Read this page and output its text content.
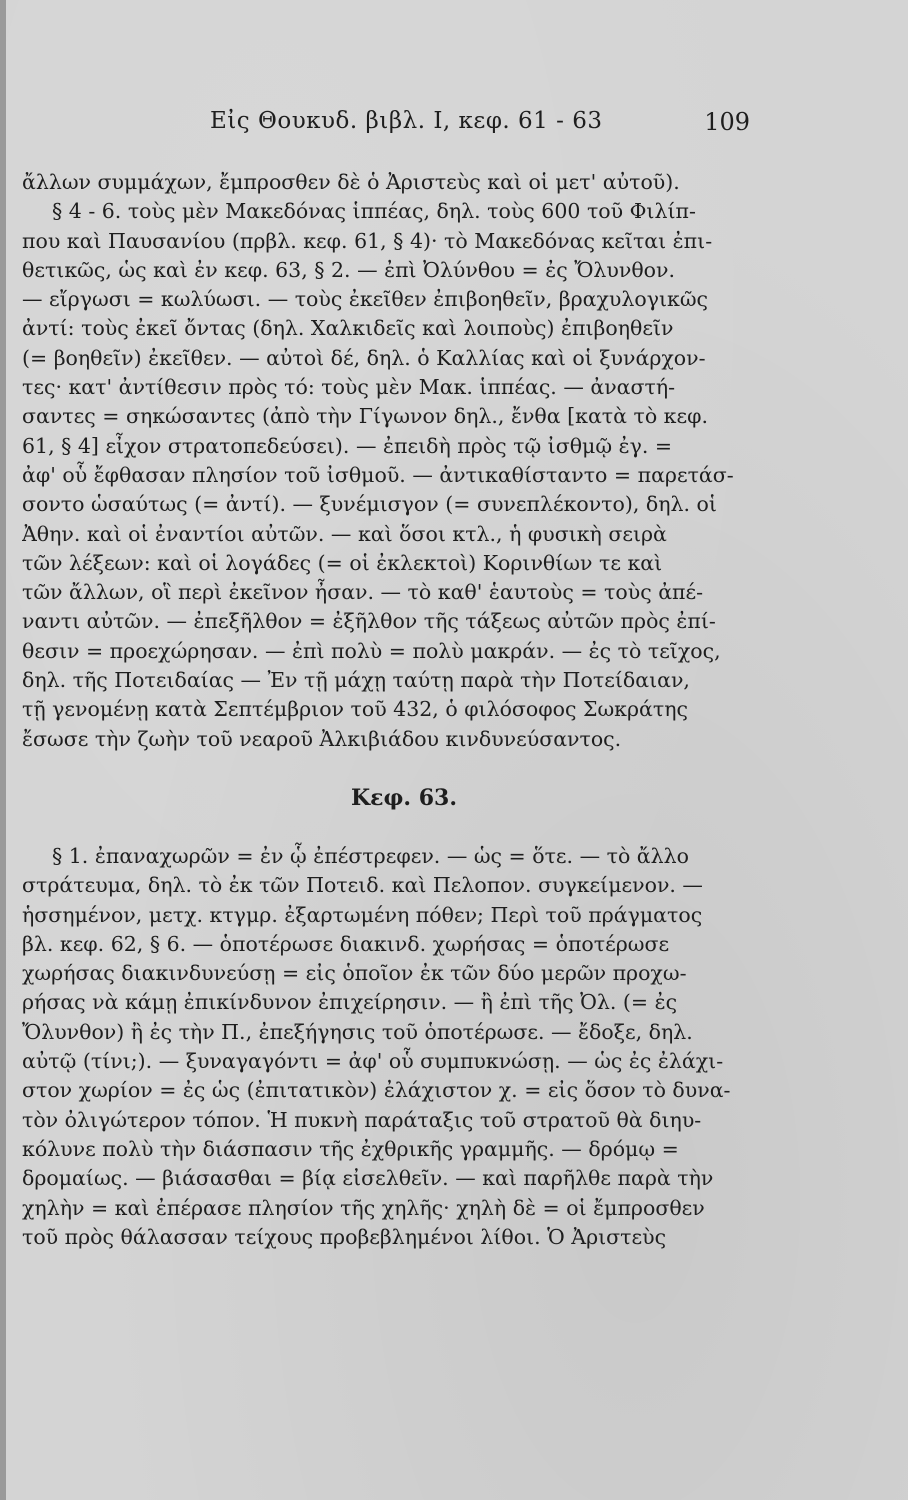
Εἰς Θουκυδ. βιβλ. Ι, κεφ. 61 - 63	109
ἄλλων συμμάχων, ἔμπροσθεν δὲ ὁ Ἀριστεὺς καὶ οἱ μετ' αὐτοῦ).
§ 4 - 6. τοὺς μὲν Μακεδόνας ἱππέας, δηλ. τοὺς 600 τοῦ Φιλίπ-
που καὶ Παυσανίου (πρβλ. κεφ. 61, § 4)· τὸ Μακεδόνας κεῖται ἐπι-
θετικῶς, ὡς καὶ ἐν κεφ. 63, § 2. — ἐπὶ Ὀλύνθου = ἐς Ὄλυνθον.
— εἴργωσι = κωλύωσι. — τοὺς ἐκεῖθεν ἐπιβοηθεῖν, βραχυλογικῶς
ἀντί: τοὺς ἐκεῖ ὄντας (δηλ. Χαλκιδεῖς καὶ λοιποὺς) ἐπιβοηθεῖν
(= βοηθεῖν) ἐκεῖθεν. — αὐτοὶ δέ, δηλ. ὁ Καλλίας καὶ οἱ ξυνάρχον-
τες· κατ' ἀντίθεσιν πρὸς τό: τοὺς μὲν Μακ. ἱππέας. — ἀναστή-
σαντες = σηκώσαντες (ἀπὸ τὴν Γίγωνον δηλ., ἔνθα [κατὰ τὸ κεφ.
61, § 4] εἶχον στρατοπεδεύσει). — ἐπειδὴ πρὸς τῷ ἰσθμῷ ἐγ. =
ἀφ' οὗ ἔφθασαν πλησίον τοῦ ἰσθμοῦ. — ἀντικαθίσταντο = παρετάσ-
σοντο ὡσαύτως (= ἀντί). — ξυνέμισγον (= συνεπλέκοντο), δηλ. οἱ
Ἀθην. καὶ οἱ ἐναντίοι αὐτῶν. — καὶ ὅσοι κτλ., ἡ φυσικὴ σειρὰ
τῶν λέξεων: καὶ οἱ λογάδες (= οἱ ἐκλεκτοὶ) Κορινθίων τε καὶ
τῶν ἄλλων, οἳ περὶ ἐκεῖνον ἦσαν. — τὸ καθ' ἑαυτοὺς = τοὺς ἀπέ-
ναντι αὐτῶν. — ἐπεξῆλθον = ἐξῆλθον τῆς τάξεως αὐτῶν πρὸς ἐπί-
θεσιν = προεχώρησαν. — ἐπὶ πολὺ = πολὺ μακράν. — ἐς τὸ τεῖχος,
δηλ. τῆς Ποτειδαίας — Ἐν τῇ μάχῃ ταύτῃ παρὰ τὴν Ποτείδαιαν,
τῇ γενομένῃ κατὰ Σεπτέμβριον τοῦ 432, ὁ φιλόσοφος Σωκράτης
ἔσωσε τὴν ζωὴν τοῦ νεαροῦ Ἀλκιβιάδου κινδυνεύσαντος.
Κεφ. 63.
§ 1. ἐπαναχωρῶν = ἐν ᾧ ἐπέστρεφεν. — ὡς = ὅτε. — τὸ ἄλλο
στράτευμα, δηλ. τὸ ἐκ τῶν Ποτειδ. καὶ Πελοπον. συγκείμενον. —
ἡσσημένον, μετχ. κτγμρ. ἐξαρτωμένη πόθεν; Περὶ τοῦ πράγματος
βλ. κεφ. 62, § 6. — ὁποτέρωσε διακινδ. χωρήσας = ὁποτέρωσε
χωρήσας διακινδυνεύσῃ = εἰς ὁποῖον ἐκ τῶν δύο μερῶν προχω-
ρήσας νὰ κάμῃ ἐπικίνδυνον ἐπιχείρησιν. — ἢ ἐπὶ τῆς Ὀλ. (= ἐς
Ὄλυνθον) ἢ ἐς τὴν Π., ἐπεξήγησις τοῦ ὁποτέρωσε. — ἔδοξε, δηλ.
αὐτῷ (τίνι;). — ξυναγαγόντι = ἀφ' οὗ συμπυκνώσῃ. — ὡς ἐς ἐλάχι-
στον χωρίον = ἐς ὡς (ἐπιτατικὸν) ἐλάχιστον χ. = εἰς ὅσον τὸ δυνα-
τὸν ὀλιγώτερον τόπον. Ἡ πυκνὴ παράταξις τοῦ στρατοῦ θὰ διηυ-
κόλυνε πολὺ τὴν διάσπασιν τῆς ἐχθρικῆς γραμμῆς. — δρόμῳ =
δρομαίως. — βιάσασθαι = βίᾳ εἰσελθεῖν. — καὶ παρῆλθε παρὰ τὴν
χηλὴν = καὶ ἐπέρασε πλησίον τῆς χηλῆς· χηλὴ δὲ = οἱ ἔμπροσθεν
τοῦ πρὸς θάλασσαν τείχους προβεβλημένοι λίθοι. Ὁ Ἀριστεὺς
